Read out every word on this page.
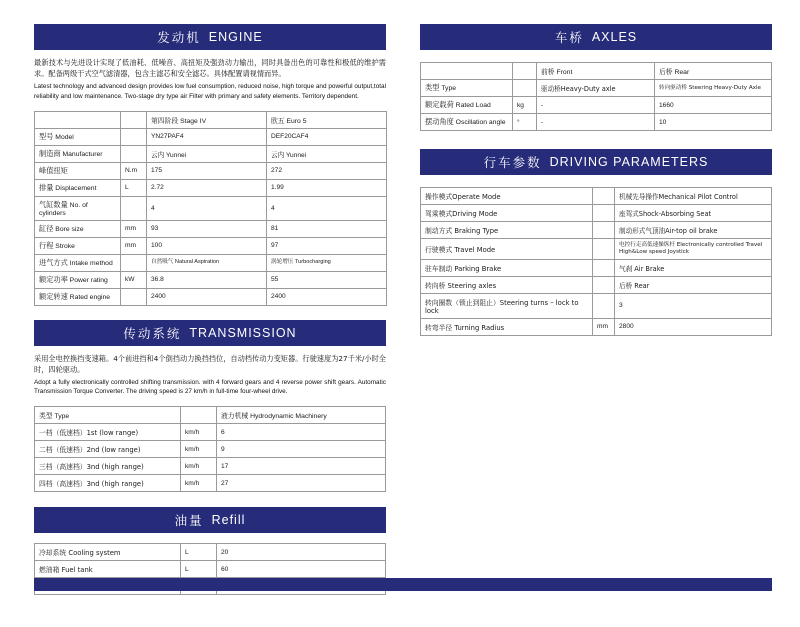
发动机 ENGINE
最新技术与先进设计实现了低油耗、低噪音、高扭矩及强劲动力输出，同时具备出色的可靠性和极低的维护需求。配备两级干式空气滤清器，包含主滤芯和安全滤芯。具体配置请视情而异。
Latest technology and advanced design provides low fuel consumption, reduced noise, high torque and powerful output,total reliability and low maintenance. Two-stage dry type air Filter with primary and safety elements. Territory dependent.
		第四阶段 Stage IV	欧五 Euro 5
型号 Model		YN27PAF4	DEF20CAF4
制造商 Manufacturer		云内 Yunnei	云内 Yunnei
峰值扭矩	N.m	175	272
排量 Displacement	L	2.72	1.99
气缸数量 No. of cylinders		4	4
缸径 Bore size	mm	93	81
行程 Stroke	mm	100	97
进气方式 Intake method		自然吸气 Natural Aspiration	涡轮增压 Turbocharging

额定功率 Power rating	kW	36.8	55
额定转速 Rated engine		2400	2400
传动系统 TRANSMISSION
采用全电控换挡变速箱。4个前进挡和4个倒挡动力换挡挡位，自动档传动力变矩器。行驶速度为27千米/小时全时，四轮驱动。
Adopt a fully electronically controlled shifting transmission. with 4 forward gears and 4 reverse power shift gears. Automatic Transmission Torque Converter. The driving speed is 27 km/h in full-time four-wheel drive.
类型 Type		液力机械 Hydrodynamic Machinery
一档（低速档）1st (low range)	km/h	6
二档（低速档）2nd (low range)	km/h	9
三档（高速档）3nd (high range)	km/h	17
四档（高速档）3nd (high range)	km/h	27
油量 Refill
冷却系统 Cooling system	L	20
燃油箱 Fuel tank	L	60

车桥 AXLES
		前桥 Front	后桥 Rear
类型 Type		驱动桥Heavy-Duty axle	转向驱动桥 Steering Heavy-Duty Axle

额定载荷 Rated Load	kg	-	1660
摆动角度 Oscillation angle	°	-	10
行车参数 DRIVING PARAMETERS
操作模式Operate Mode		机械先导操作Mechanical Pilot Control
驾乘模式Driving Mode		座驾式Shock-Absorbing Seat
制动方式 Braking Type		制动形式气顶油Air-top oil brake
行驶模式 Travel Mode		电控行走高低速操纵杆 Electronically controlled Travel High&Low speed Joystick

驻车制动 Parking Brake		气刹 Air Brake
转向桥 Steering axles		后桥 Rear
转向圈数（锁止到阻止）Steering turns – lock to lock		3
转弯半径 Turning Radius	mm	2800
